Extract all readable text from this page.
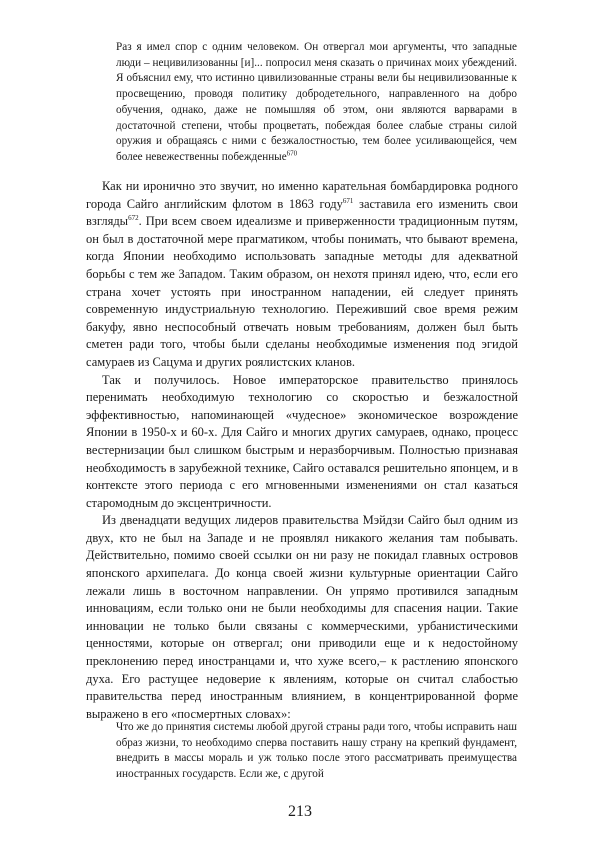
Раз я имел спор с одним человеком. Он отвергал мои аргументы, что западные люди – нецивилизованны [и]... попросил меня сказать о причинах моих убеждений. Я объяснил ему, что истинно цивилизованные страны вели бы нецивилизованные к просвещению, проводя политику добродетельного, направленного на добро обучения, однако, даже не помышляя об этом, они являются варварами в достаточной степени, чтобы процветать, побеждая более слабые страны силой оружия и обращаясь с ними с безжалостностью, тем более усиливающейся, чем более невежественны побежденные$^{670}$

Как ни иронично это звучит, но именно карательная бомбардировка родного города Сайго английским флотом в 1863 году$^{671}$ заставила его изменить свои взгляды$^{672}$. При всем своем идеализме и приверженности традиционным путям, он был в достаточной мере прагматиком, чтобы понимать, что бывают времена, когда Японии необходимо использовать западные методы для адекватной борьбы с тем же Западом. Таким образом, он нехотя принял идею, что, если его страна хочет устоять при иностранном нападении, ей следует принять современную индустриальную технологию. Переживший свое время режим бакуфу, явно неспособный отвечать новым требованиям, должен был быть сметен ради того, чтобы были сделаны необходимые изменения под эгидой самураев из Сацума и других роялистских кланов.

Так и получилось. Новое императорское правительство принялось перенимать необходимую технологию со скоростью и безжалостной эффективностью, напоминающей «чудесное» экономическое возрождение Японии в 1950-х и 60-х. Для Сайго и многих других самураев, однако, процесс вестернизации был слишком быстрым и неразборчивым. Полностью признавая необходимость в зарубежной технике, Сайго оставался решительно японцем, и в контексте этого периода с его мгновенными изменениями он стал казаться старомодным до эксцентричности.

Из двенадцати ведущих лидеров правительства Мэйдзи Сайго был одним из двух, кто не был на Западе и не проявлял никакого желания там побывать. Действительно, помимо своей ссылки он ни разу не покидал главных островов японского архипелага. До конца своей жизни культурные ориентации Сайго лежали лишь в восточном направлении. Он упрямо противился западным инновациям, если только они не были необходимы для спасения нации. Такие инновации не только были связаны с коммерческими, урбанистическими ценностями, которые он отвергал; они приводили еще и к недостойному преклонению перед иностранцами и, что хуже всего,– к растлению японского духа. Его растущее недоверие к явлениям, которые он считал слабостью правительства перед иностранным влиянием, в концентрированной форме выражено в его «посмертных словах»:

Что же до принятия системы любой другой страны ради того, чтобы исправить наш образ жизни, то необходимо сперва поставить нашу страну на крепкий фундамент, внедрить в массы мораль и уж только после этого рассматривать преимущества иностранных государств. Если же, с другой

213
